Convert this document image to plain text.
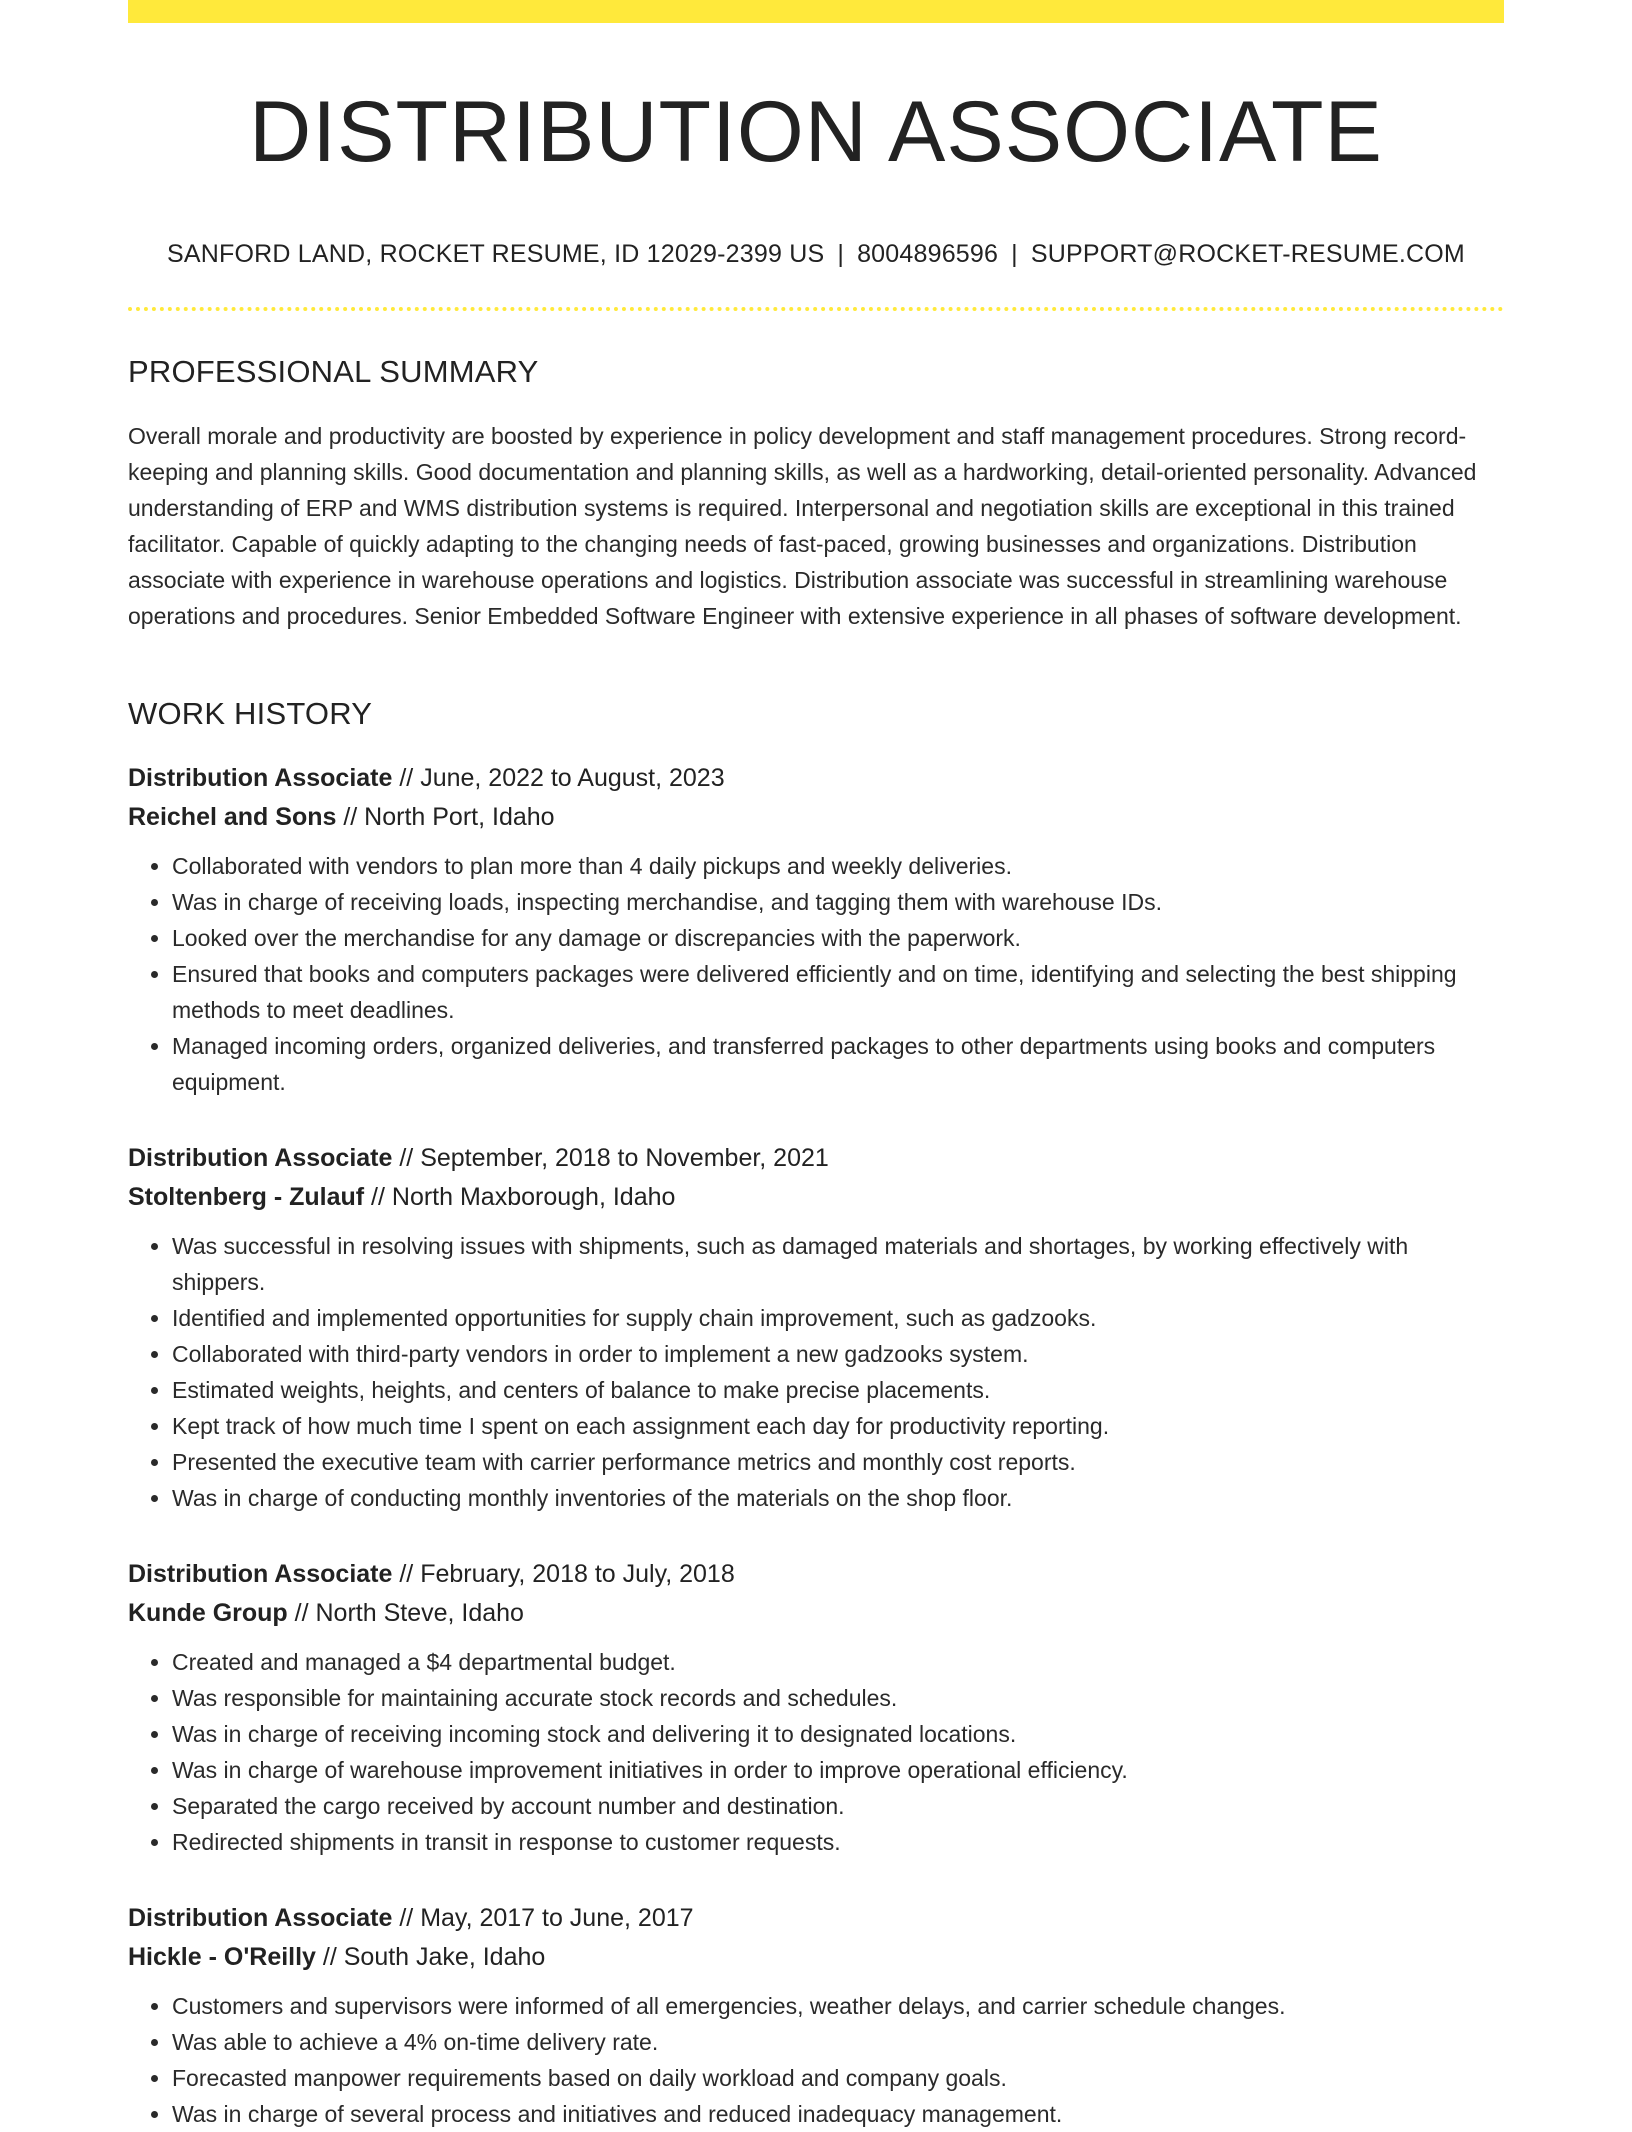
DISTRIBUTION ASSOCIATE
SANFORD LAND, ROCKET RESUME, ID 12029-2399 US | 8004896596 | SUPPORT@ROCKET-RESUME.COM
PROFESSIONAL SUMMARY
Overall morale and productivity are boosted by experience in policy development and staff management procedures. Strong record-keeping and planning skills. Good documentation and planning skills, as well as a hardworking, detail-oriented personality. Advanced understanding of ERP and WMS distribution systems is required. Interpersonal and negotiation skills are exceptional in this trained facilitator. Capable of quickly adapting to the changing needs of fast-paced, growing businesses and organizations. Distribution associate with experience in warehouse operations and logistics. Distribution associate was successful in streamlining warehouse operations and procedures. Senior Embedded Software Engineer with extensive experience in all phases of software development.
WORK HISTORY
Distribution Associate // June, 2022 to August, 2023
Reichel and Sons // North Port, Idaho
• Collaborated with vendors to plan more than 4 daily pickups and weekly deliveries.
• Was in charge of receiving loads, inspecting merchandise, and tagging them with warehouse IDs.
• Looked over the merchandise for any damage or discrepancies with the paperwork.
• Ensured that books and computers packages were delivered efficiently and on time, identifying and selecting the best shipping methods to meet deadlines.
• Managed incoming orders, organized deliveries, and transferred packages to other departments using books and computers equipment.
Distribution Associate // September, 2018 to November, 2021
Stoltenberg - Zulauf // North Maxborough, Idaho
• Was successful in resolving issues with shipments, such as damaged materials and shortages, by working effectively with shippers.
• Identified and implemented opportunities for supply chain improvement, such as gadzooks.
• Collaborated with third-party vendors in order to implement a new gadzooks system.
• Estimated weights, heights, and centers of balance to make precise placements.
• Kept track of how much time I spent on each assignment each day for productivity reporting.
• Presented the executive team with carrier performance metrics and monthly cost reports.
• Was in charge of conducting monthly inventories of the materials on the shop floor.
Distribution Associate // February, 2018 to July, 2018
Kunde Group // North Steve, Idaho
• Created and managed a $4 departmental budget.
• Was responsible for maintaining accurate stock records and schedules.
• Was in charge of receiving incoming stock and delivering it to designated locations.
• Was in charge of warehouse improvement initiatives in order to improve operational efficiency.
• Separated the cargo received by account number and destination.
• Redirected shipments in transit in response to customer requests.
Distribution Associate // May, 2017 to June, 2017
Hickle - O'Reilly // South Jake, Idaho
• Customers and supervisors were informed of all emergencies, weather delays, and carrier schedule changes.
• Was able to achieve a 4% on-time delivery rate.
• Forecasted manpower requirements based on daily workload and company goals.
• Was in charge of several process and initiatives and reduced inadequacy management.
